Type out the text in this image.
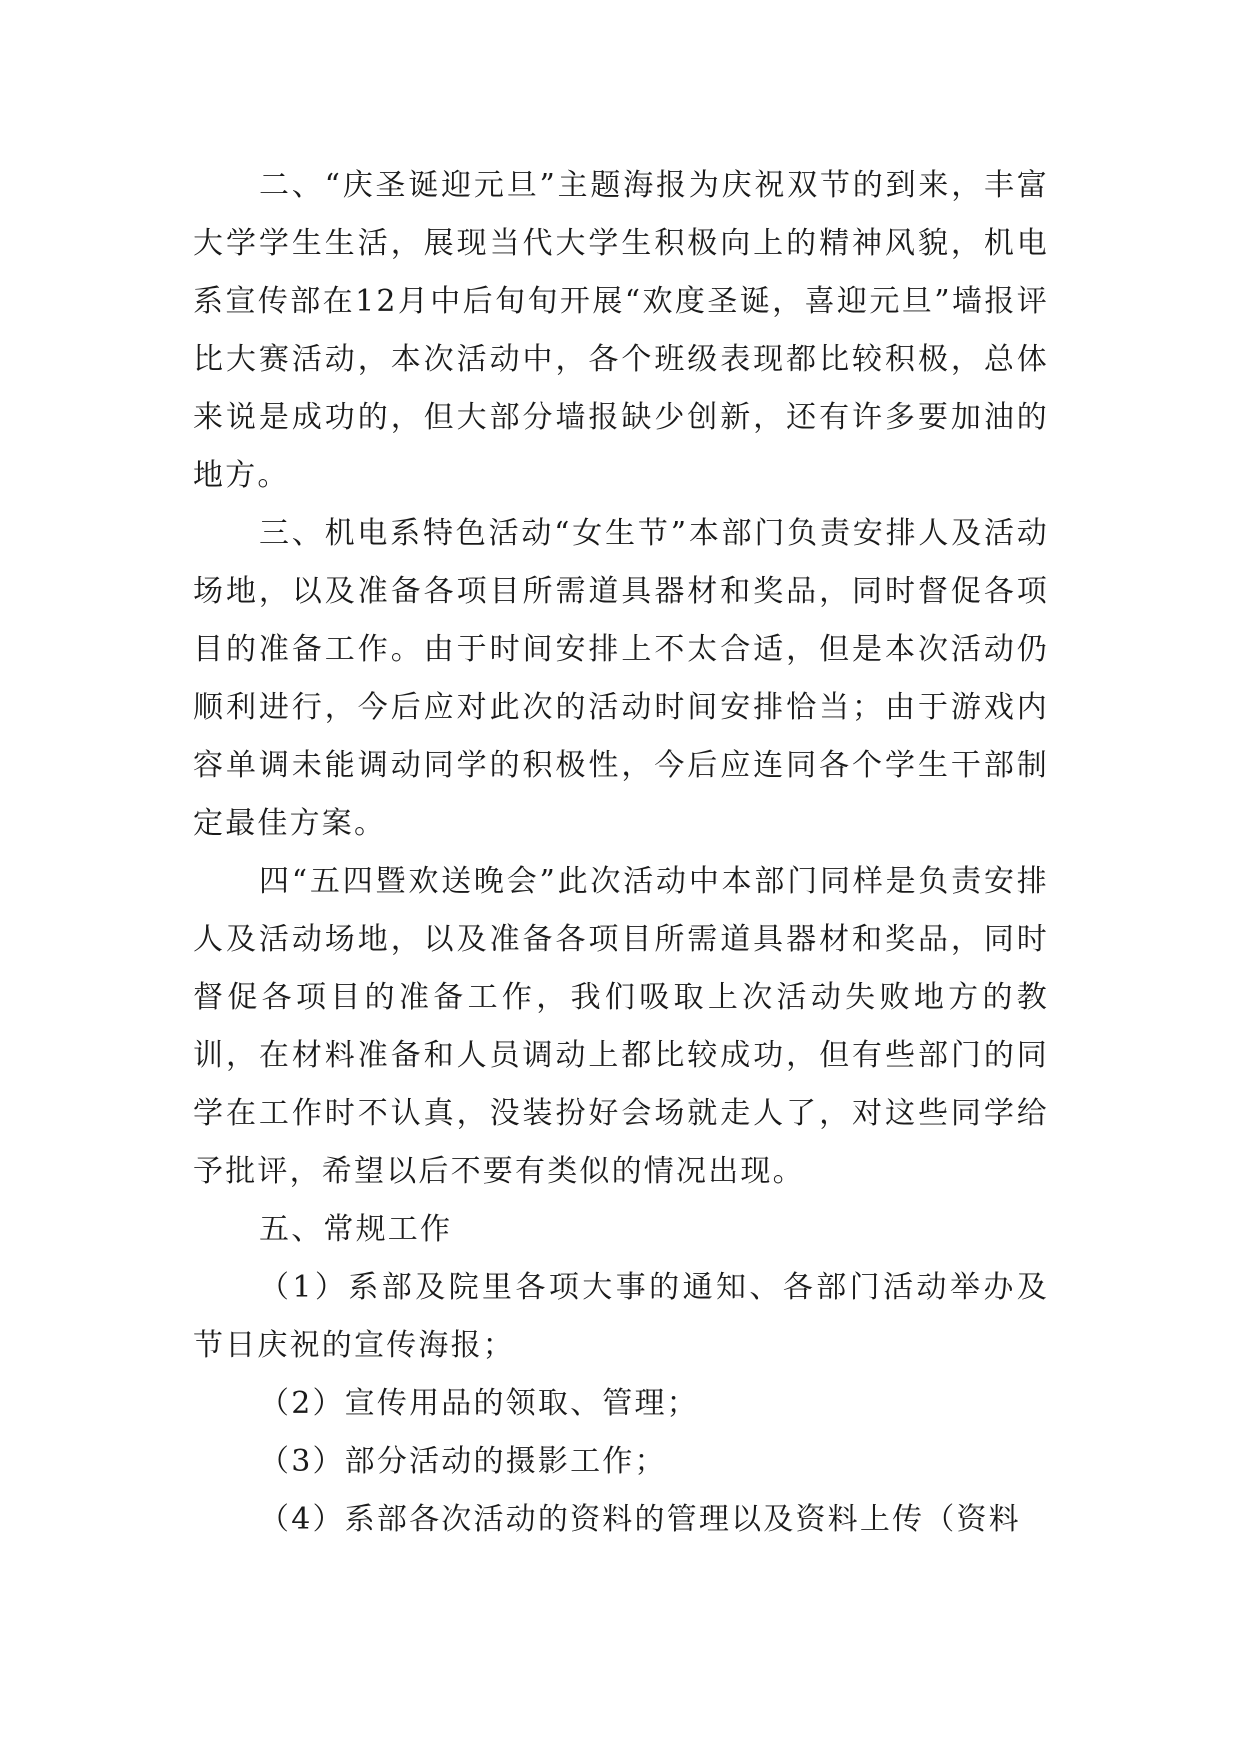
二、“庆圣诞迎元旦”主题海报为庆祝双节的到来，丰富大学学生生活，展现当代大学生积极向上的精神风貌，机电系宣传部在12月中后旬旬开展“欢度圣诞，喜迎元旦”墙报评比大赛活动，本次活动中，各个班级表现都比较积极，总体来说是成功的，但大部分墙报缺少创新，还有许多要加油的地方。

三、机电系特色活动“女生节”本部门负责安排人及活动场地，以及准备各项目所需道具器材和奖品，同时督促各项目的准备工作。由于时间安排上不太合适，但是本次活动仍顺利进行，今后应对此次的活动时间安排恰当；由于游戏内容单调未能调动同学的积极性，今后应连同各个学生干部制定最佳方案。

四“五四暨欢送晚会”此次活动中本部门同样是负责安排人及活动场地，以及准备各项目所需道具器材和奖品，同时督促各项目的准备工作，我们吸取上次活动失败地方的教训，在材料准备和人员调动上都比较成功，但有些部门的同学在工作时不认真，没装扮好会场就走人了，对这些同学给予批评，希望以后不要有类似的情况出现。

五、常规工作

（1）系部及院里各项大事的通知、各部门活动举办及节日庆祝的宣传海报；

（2）宣传用品的领取、管理；

（3）部分活动的摄影工作；

（4）系部各次活动的资料的管理以及资料上传（资料
